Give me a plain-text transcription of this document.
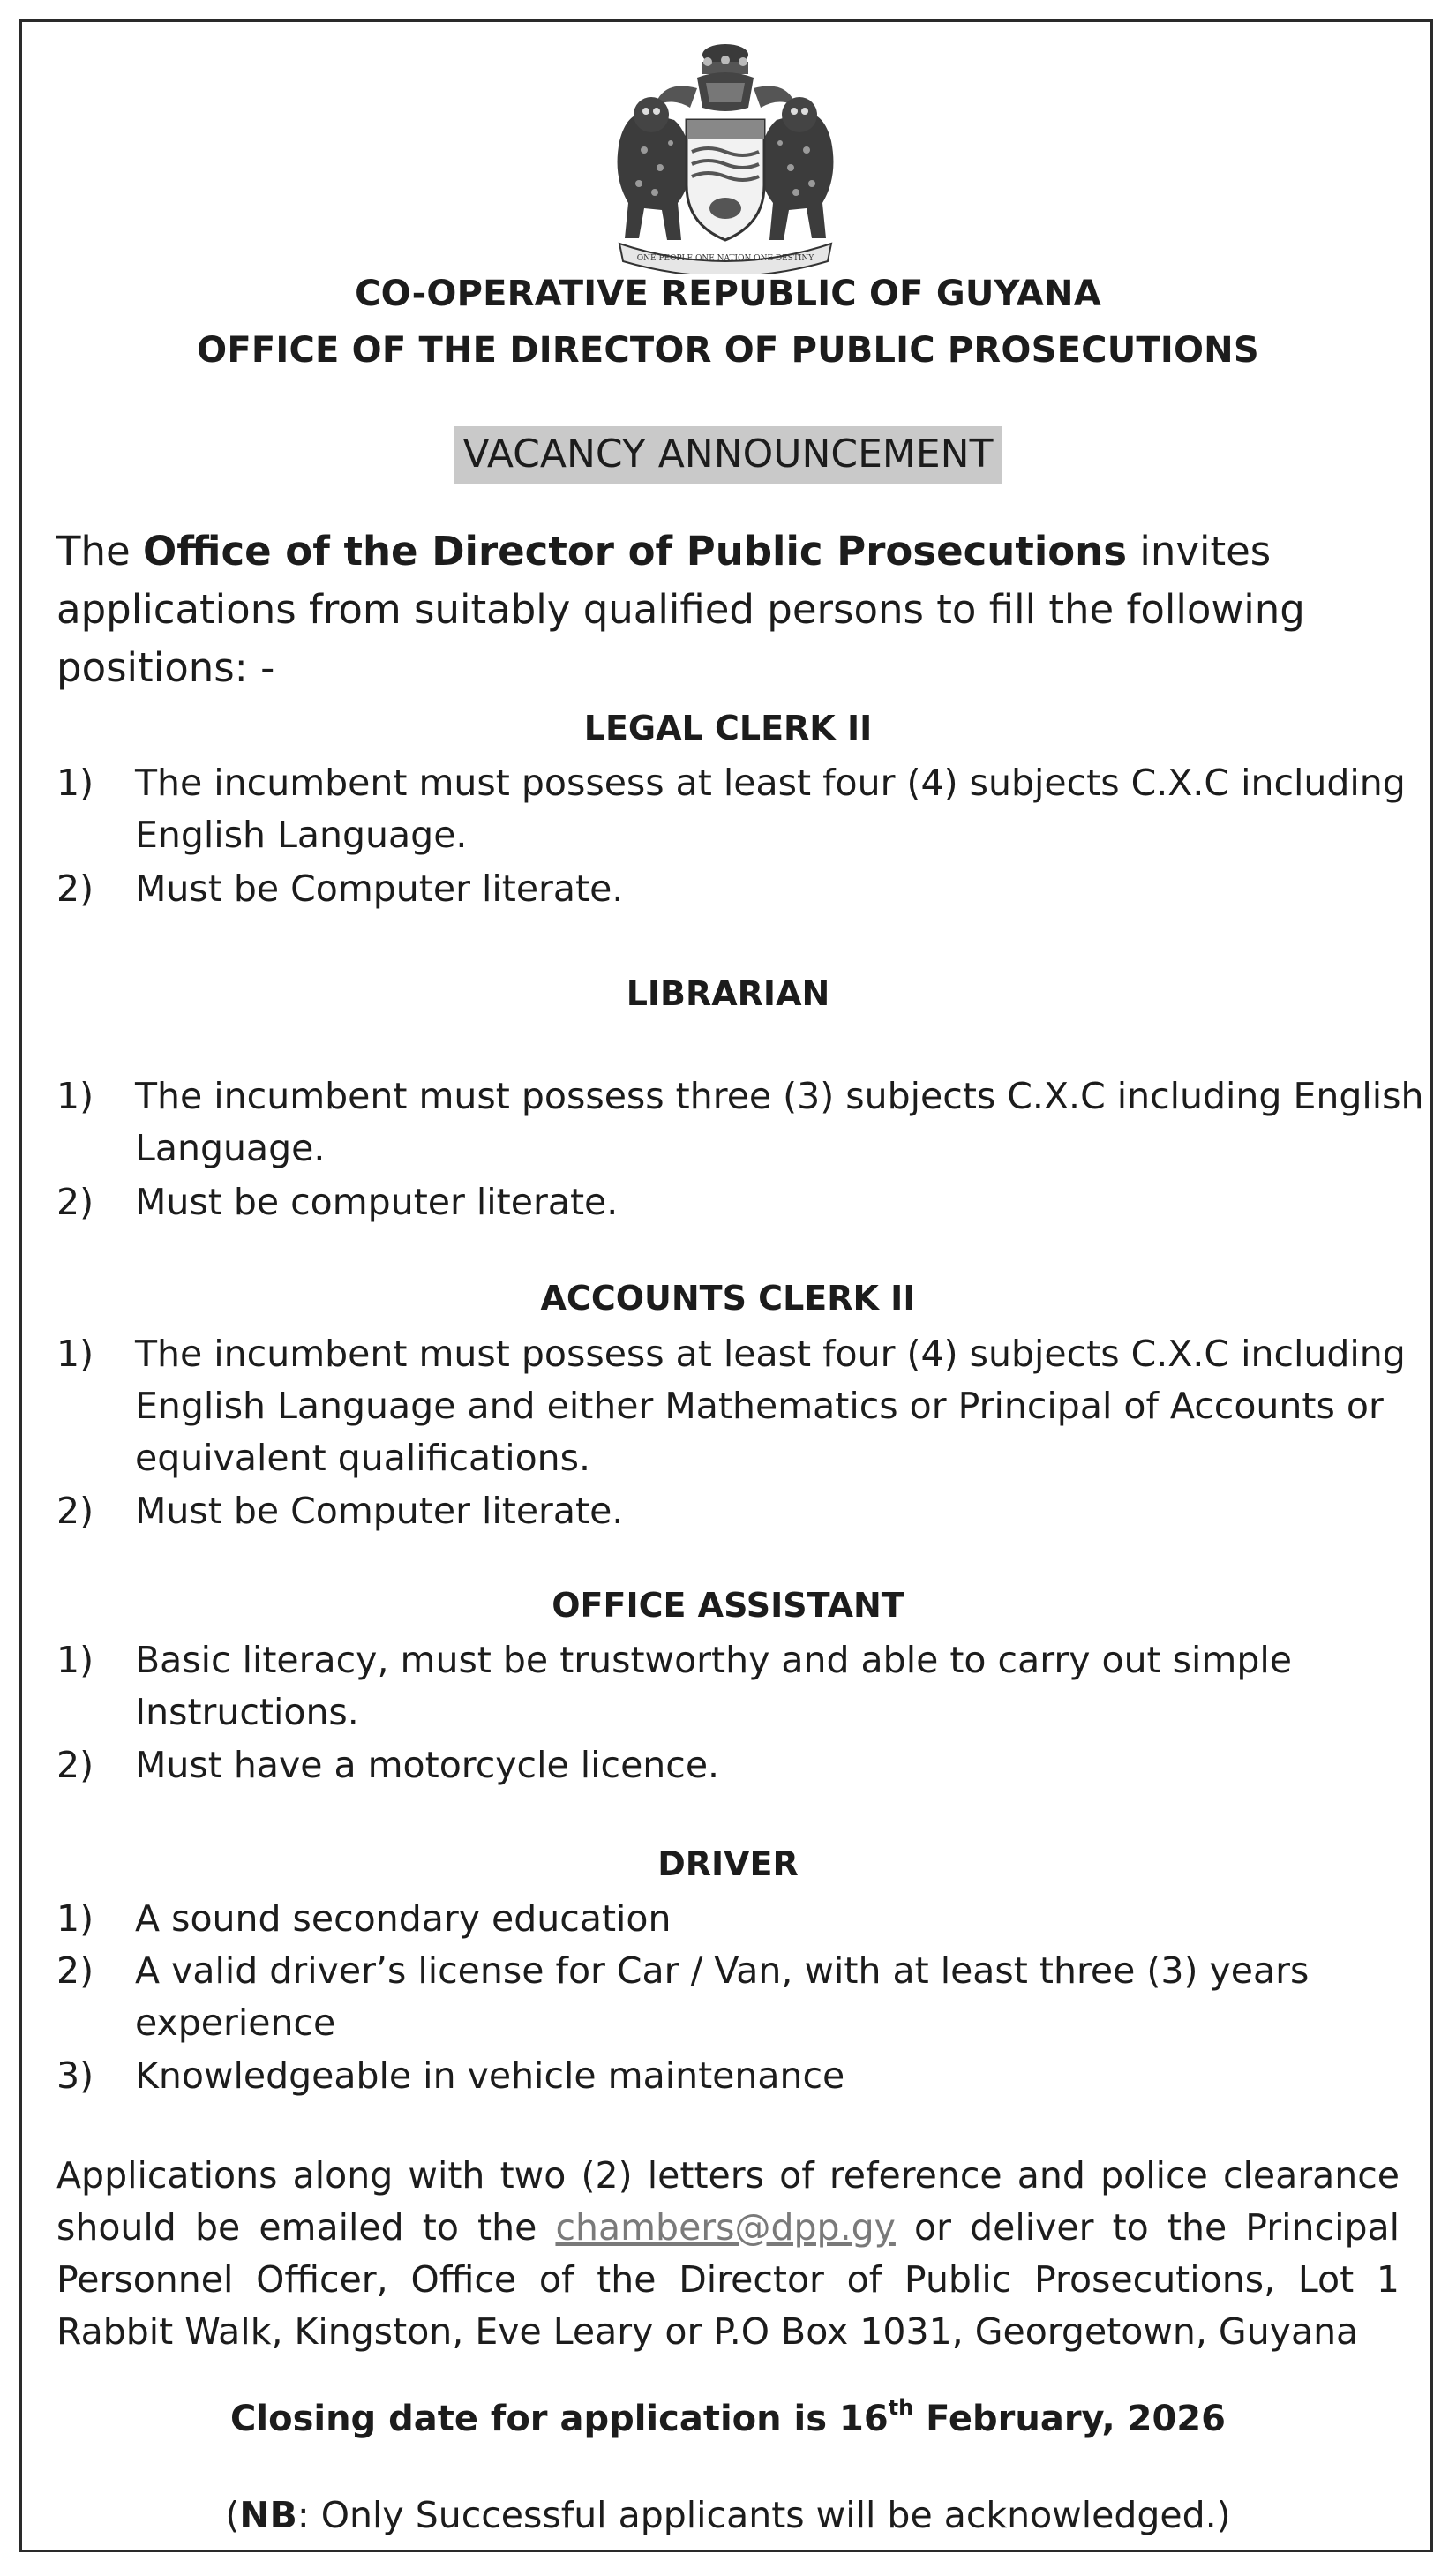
ONE PEOPLE ONE NATION ONE DESTINY
CO-OPERATIVE REPUBLIC OF GUYANA
OFFICE OF THE DIRECTOR OF PUBLIC PROSECUTIONS
VACANCY ANNOUNCEMENT
The Office of the Director of Public Prosecutions invites applications from suitably qualified persons to fill the following positions: -
LEGAL CLERK II
1) The incumbent must possess at least four (4) subjects C.X.C including English Language.
2) Must be Computer literate.
LIBRARIAN
1) The incumbent must possess three (3) subjects C.X.C including English Language.
2) Must be computer literate.
ACCOUNTS CLERK II
1) The incumbent must possess at least four (4) subjects C.X.C including English Language and either Mathematics or Principal of Accounts or equivalent qualifications.
2) Must be Computer literate.
OFFICE ASSISTANT
1) Basic literacy, must be trustworthy and able to carry out simple Instructions.
2) Must have a motorcycle licence.
DRIVER
1) A sound secondary education
2) A valid driver’s license for Car / Van, with at least three (3) years experience
3) Knowledgeable in vehicle maintenance
Applications along with two (2) letters of reference and police clearance should be emailed to the chambers@dpp.gy or deliver to the Principal Personnel Officer, Office of the Director of Public Prosecutions, Lot 1 Rabbit Walk, Kingston, Eve Leary or P.O Box 1031, Georgetown, Guyana
Closing date for application is 16th February, 2026
(NB: Only Successful applicants will be acknowledged.)
